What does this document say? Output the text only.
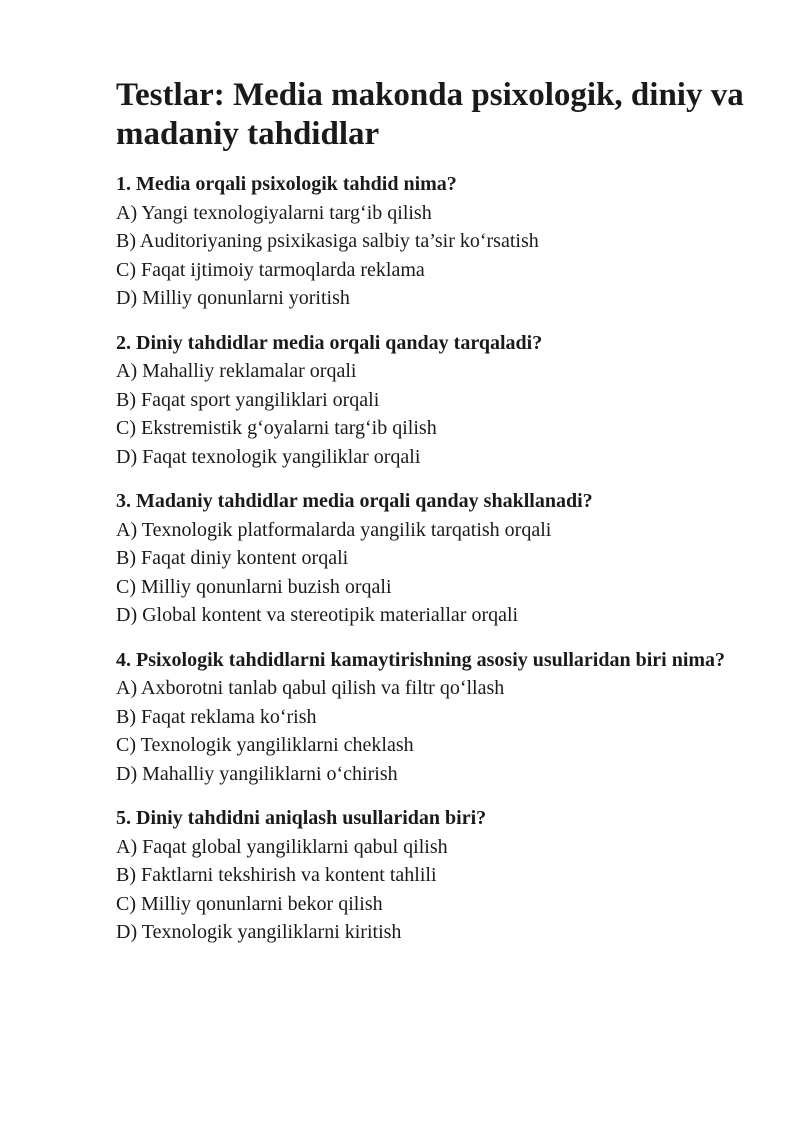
Testlar: Media makonda psixologik, diniy va madaniy tahdidlar

1. Media orqali psixologik tahdid nima?

A) Yangi texnologiyalarni targ‘ib qilish

B) Auditoriyaning psixikasiga salbiy ta’sir ko‘rsatish

C) Faqat ijtimoiy tarmoqlarda reklama

D) Milliy qonunlarni yoritish

2. Diniy tahdidlar media orqali qanday tarqaladi?

A) Mahalliy reklamalar orqali

B) Faqat sport yangiliklari orqali

C) Ekstremistik g‘oyalarni targ‘ib qilish

D) Faqat texnologik yangiliklar orqali

3. Madaniy tahdidlar media orqali qanday shakllanadi?

A) Texnologik platformalarda yangilik tarqatish orqali

B) Faqat diniy kontent orqali

C) Milliy qonunlarni buzish orqali

D) Global kontent va stereotipik materiallar orqali

4. Psixologik tahdidlarni kamaytirishning asosiy usullaridan biri nima?

A) Axborotni tanlab qabul qilish va filtr qo‘llash

B) Faqat reklama ko‘rish

C) Texnologik yangiliklarni cheklash

D) Mahalliy yangiliklarni o‘chirish

5. Diniy tahdidni aniqlash usullaridan biri?

A) Faqat global yangiliklarni qabul qilish

B) Faktlarni tekshirish va kontent tahlili

C) Milliy qonunlarni bekor qilish

D) Texnologik yangiliklarni kiritish
